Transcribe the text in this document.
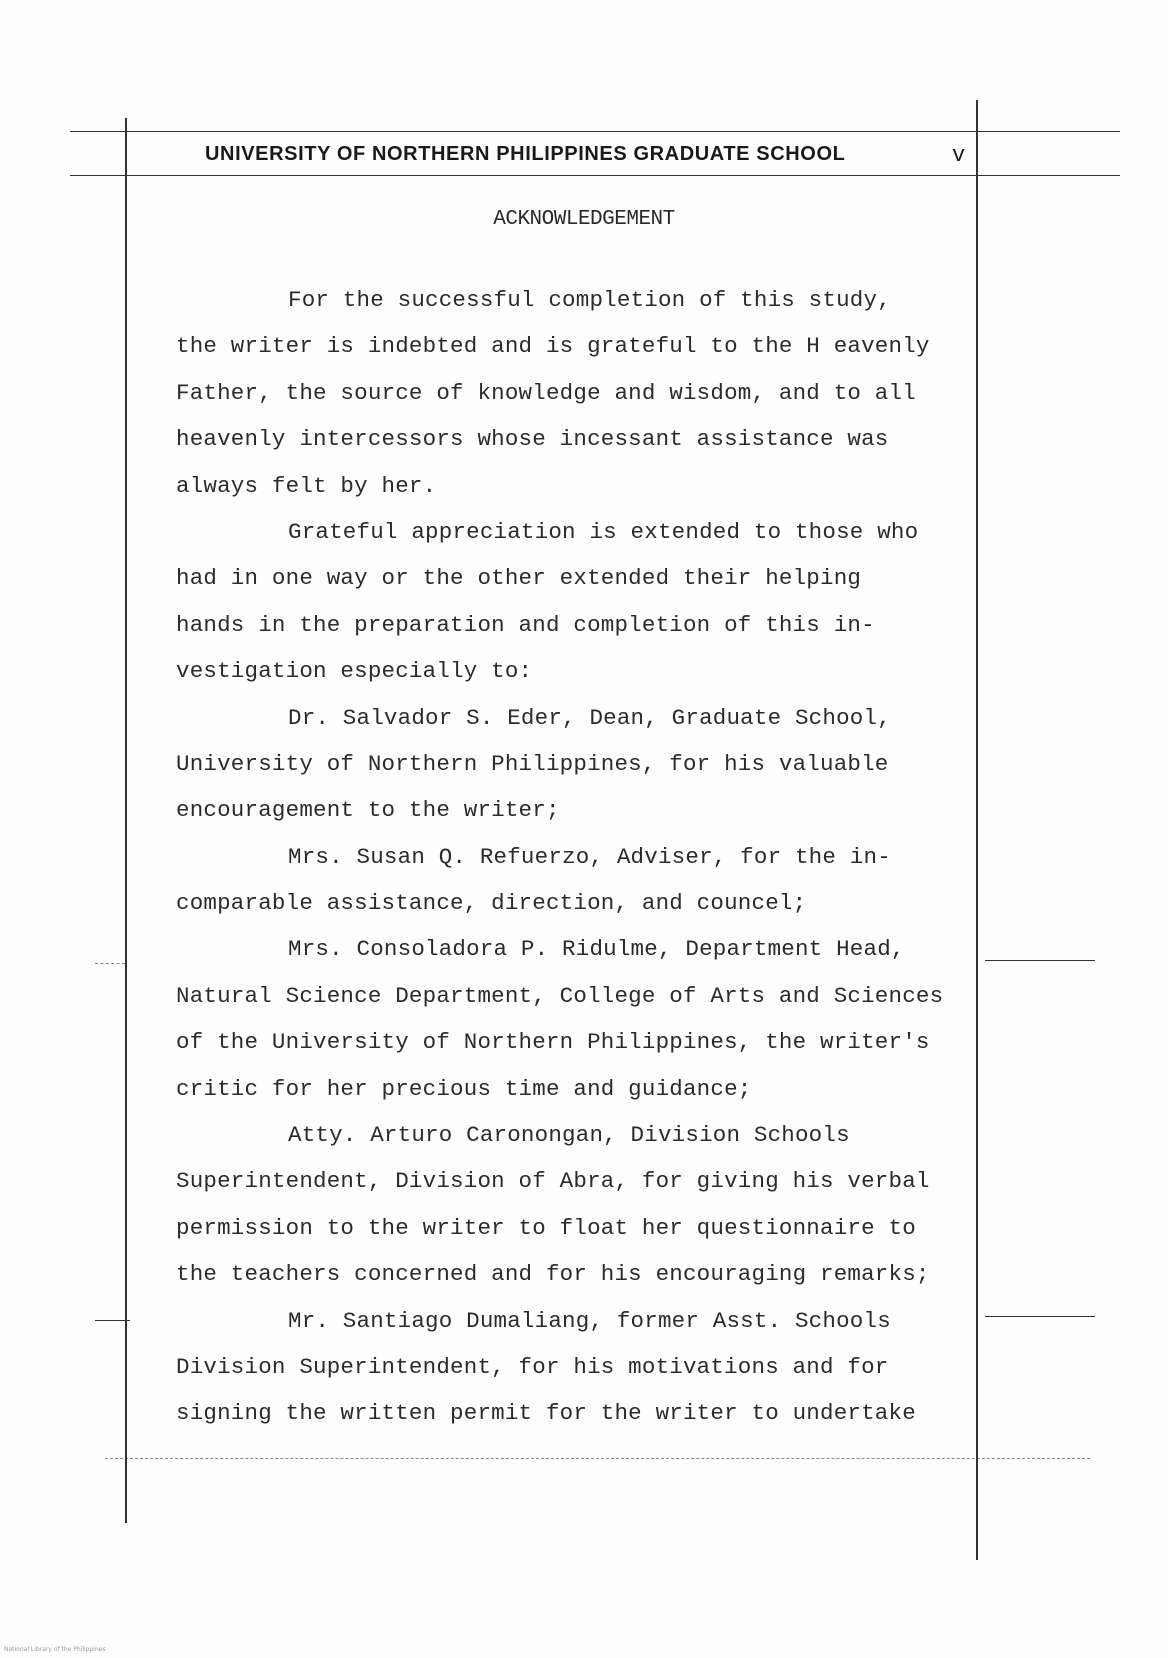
UNIVERSITY OF NORTHERN PHILIPPINES GRADUATE SCHOOL	v
ACKNOWLEDGEMENT
For the successful completion of this study,
the writer is indebted and is grateful to the H eavenly
Father, the source of knowledge and wisdom, and to all
heavenly intercessors whose incessant assistance was
always felt by her.
Grateful appreciation is extended to those who
had in one way or the other extended their helping
hands in the preparation and completion of this in-
vestigation especially to:
Dr. Salvador S. Eder, Dean, Graduate School,
University of Northern Philippines, for his valuable
encouragement to the writer;
Mrs. Susan Q. Refuerzo, Adviser, for the in-
comparable assistance, direction, and councel;
Mrs. Consoladora P. Ridulme, Department Head,
Natural Science Department, College of Arts and Sciences
of the University of Northern Philippines, the writer's
critic for her precious time and guidance;
Atty. Arturo Caronongan, Division Schools
Superintendent, Division of Abra, for giving his verbal
permission to the writer to float her questionnaire to
the teachers concerned and for his encouraging remarks;
Mr. Santiago Dumaliang, former Asst. Schools
Division Superintendent, for his motivations and for
signing the written permit for the writer to undertake
National Library of the Philippines
